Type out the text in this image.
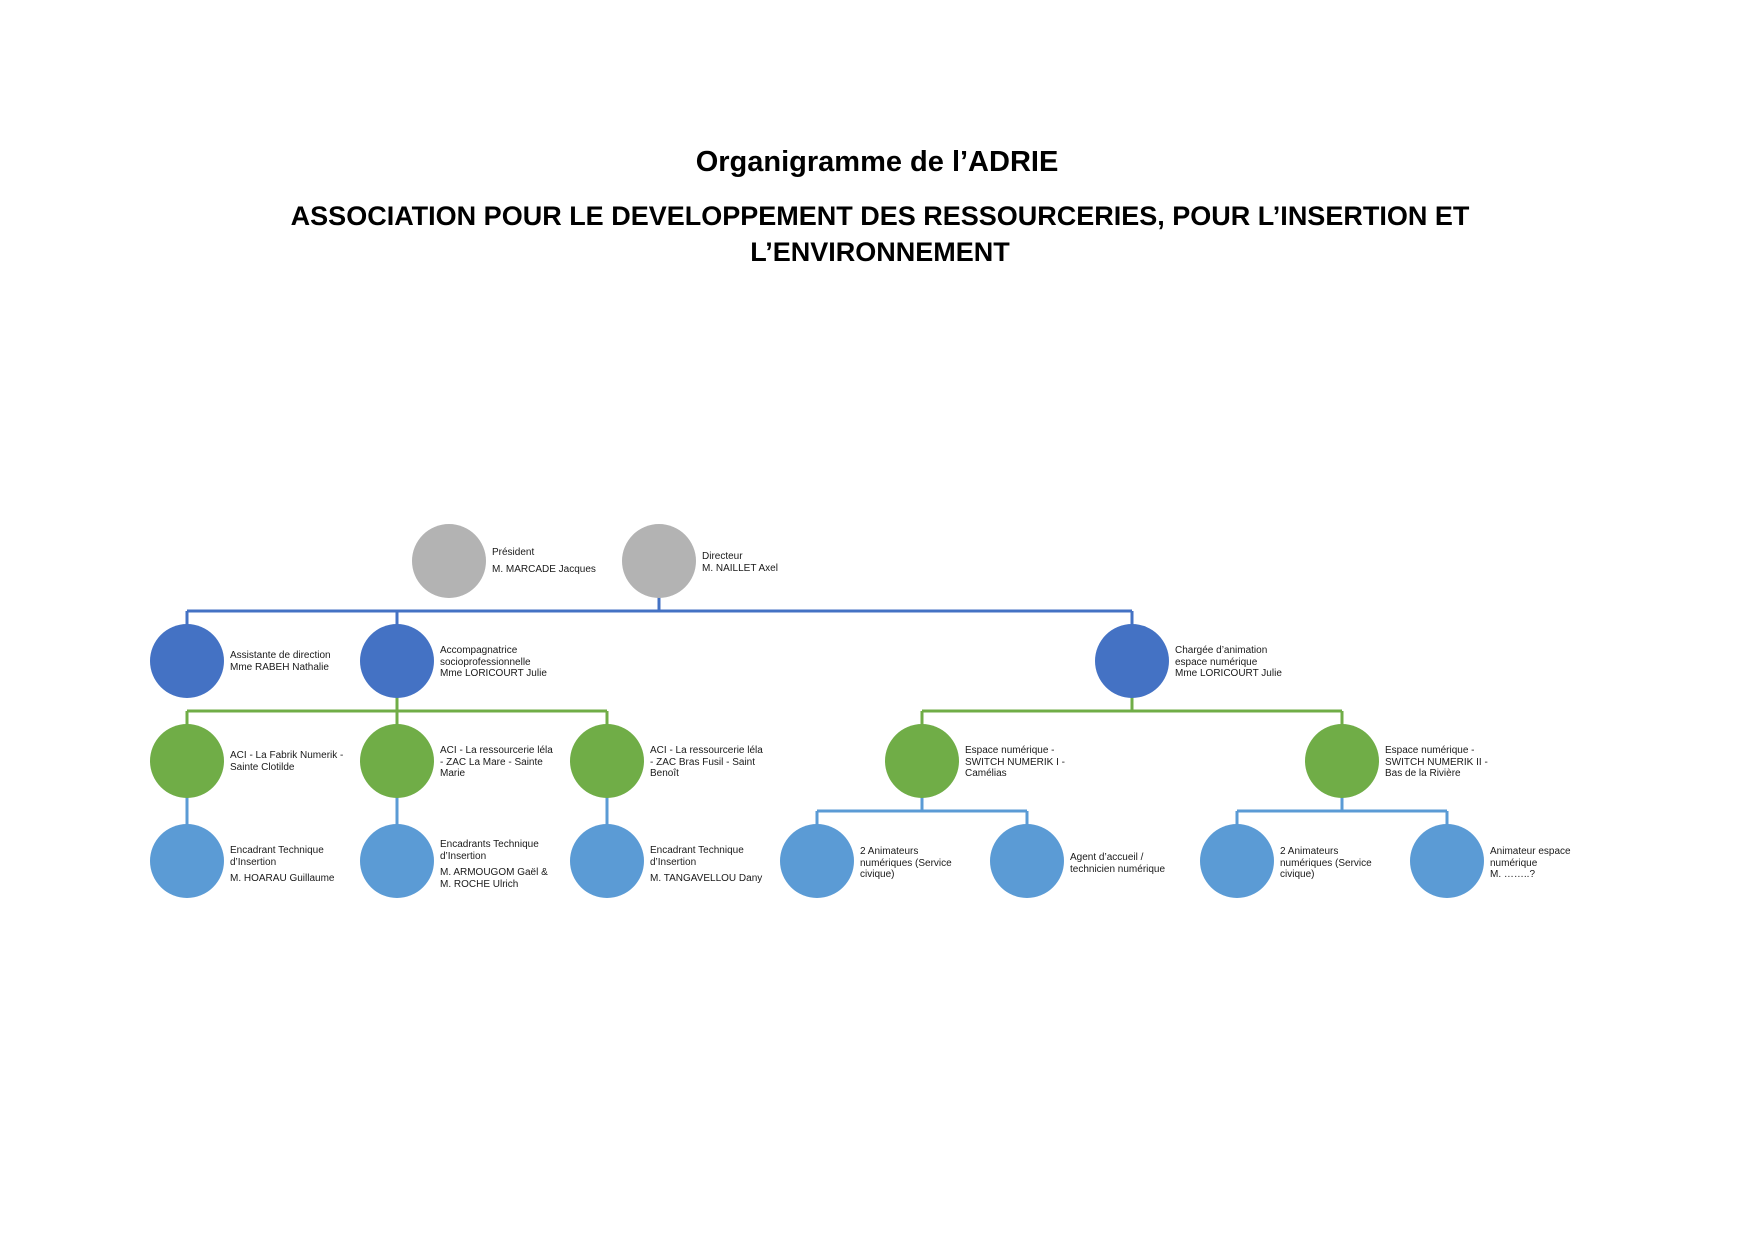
Organigramme de l’ADRIE
ASSOCIATION POUR LE DEVELOPPEMENT DES RESSOURCERIES, POUR L’INSERTION ET L’ENVIRONNEMENT
Président
M. MARCADE Jacques
Directeur
M. NAILLET Axel
Assistante de direction
Mme RABEH Nathalie
Accompagnatrice
socioprofessionnelle
Mme LORICOURT Julie
Chargée d’animation
espace numérique
Mme LORICOURT Julie
ACI - La Fabrik Numerik -
Sainte Clotilde
ACI - La ressourcerie léla
- ZAC La Mare - Sainte
Marie
ACI - La ressourcerie léla
- ZAC Bras Fusil - Saint
Benoît
Espace numérique -
SWITCH NUMERIK I -
Camélias
Espace numérique -
SWITCH NUMERIK II -
Bas de la Rivière
Encadrant Technique
d’Insertion
M. HOARAU Guillaume
Encadrants Technique
d’Insertion
M. ARMOUGOM Gaël &
M. ROCHE Ulrich
Encadrant Technique
d’Insertion
M. TANGAVELLOU Dany
2 Animateurs
numériques (Service
civique)
Agent d’accueil /
technicien numérique
2 Animateurs
numériques (Service
civique)
Animateur espace
numérique
M. ……..?
